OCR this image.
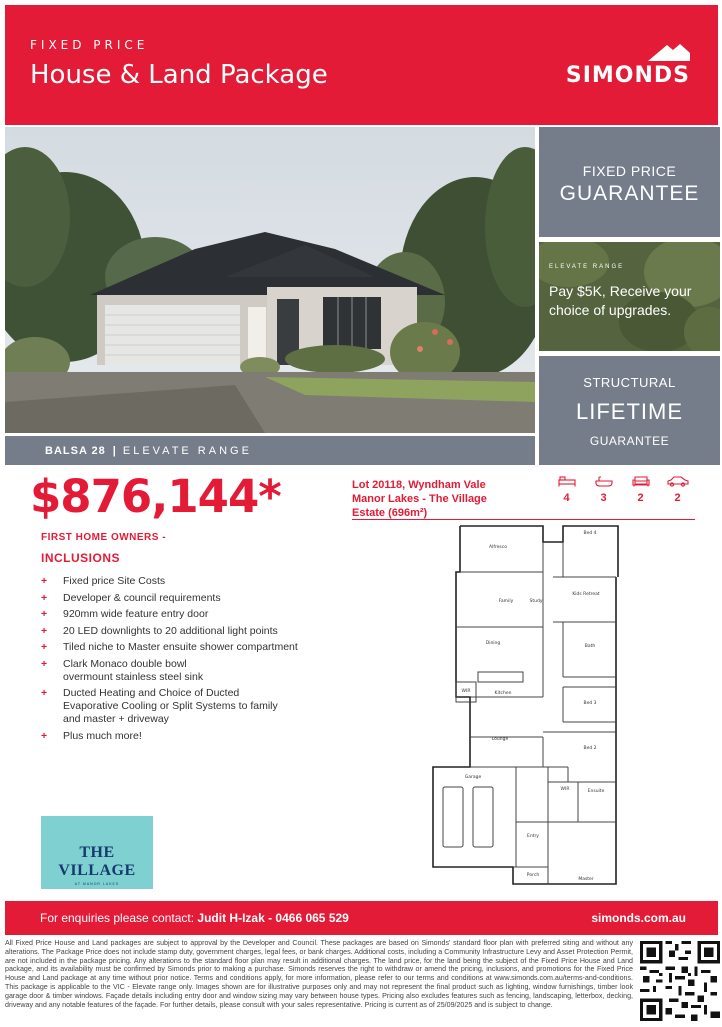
FIXED PRICE
House & Land Package	SIMONDS
BALSA 28 | ELEVATE RANGE
FIXED PRICE
GUARANTEE
ELEVATE RANGE
Pay $5K, Receive your choice of upgrades.
STRUCTURAL
LIFETIME
GUARANTEE
$876,144*
FIRST HOME OWNERS -
INCLUSIONS
+ Fixed price Site Costs
+ Developer & council requirements
+ 920mm wide feature entry door
+ 20 LED downlights to 20 additional light points
+ Tiled niche to Master ensuite shower compartment
+ Clark Monaco double bowl overmount stainless steel sink
+ Ducted Heating and Choice of Ducted Evaporative Cooling or Split Systems to family and master + driveway
+ Plus much more!
Lot 20118, Wyndham Vale Manor Lakes - The Village Estate (696m²)
4	3	2	2
Alfresco
Bed 4
Family
Kids Retreat
Study
Dining
Bath
WIR	Kitchen
Bed 3
Lounge
Bed 2
Garage
WIR	Ensuite
Entry
Porch
Master
THE VILLAGE
AT MANOR LAKES
For enquiries please contact: Judit H-Izak - 0466 065 529	simonds.com.au
All Fixed Price House and Land packages are subject to approval by the Developer and Council. These packages are based on Simonds' standard floor plan with preferred siting and without any alterations. The Package Price does not include stamp duty, government charges, legal fees, or bank charges. Additional costs, including a Community Infrastructure Levy and Asset Protection Permit, are not included in the package pricing. Any alterations to the standard floor plan may result in additional charges. The land price, for the land being the subject of the Fixed Price House and Land package, and its availability must be confirmed by Simonds prior to making a purchase. Simonds reserves the right to withdraw or amend the pricing, inclusions, and promotions for the Fixed Price House and Land package at any time without prior notice. Terms and conditions apply, for more information, please refer to our terms and conditions at www.simonds.com.au/terms-and-conditions. This package is applicable to the VIC - Elevate range only. Images shown are for illustrative purposes only and may not represent the final product such as lighting, window furnishings, timber look garage door & timber windows. Façade details including entry door and window sizing may vary between house types. Pricing also excludes features such as fencing, landscaping, letterbox, decking, driveway and any notable features of the façade. For further details, please consult with your sales representative. Pricing is current as of 25/09/2025 and is subject to change.
